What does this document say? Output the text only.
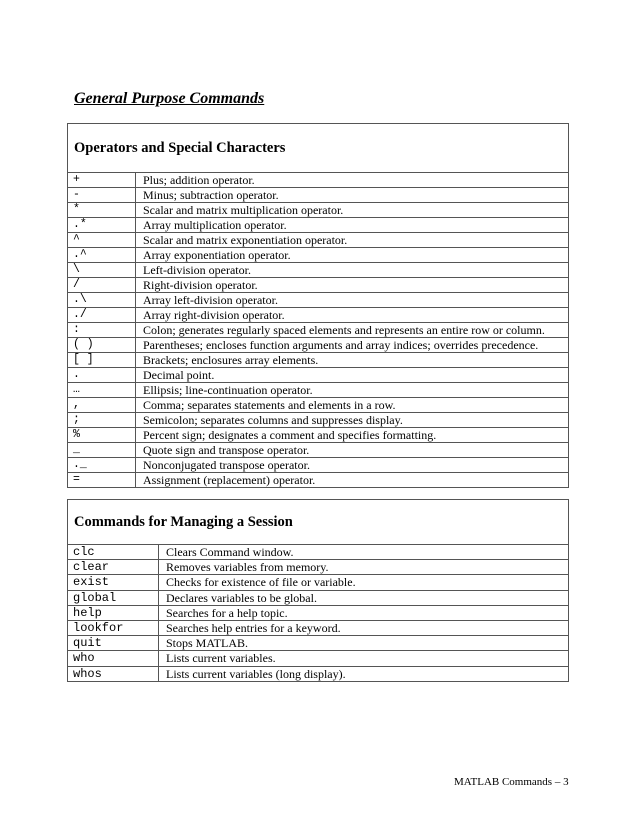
General Purpose Commands
Operators and Special Characters
+	Plus; addition operator.
-	Minus; subtraction operator.
*	Scalar and matrix multiplication operator.
.*	Array multiplication operator.
^	Scalar and matrix exponentiation operator.
.^	Array exponentiation operator.
\	Left-division operator.
/	Right-division operator.
.\	Array left-division operator.
./	Array right-division operator.
:	Colon; generates regularly spaced elements and represents an entire row or column.
( )	Parentheses; encloses function arguments and array indices; overrides precedence.
[ ]	Brackets; enclosures array elements.
.	Decimal point.
…	Ellipsis; line-continuation operator.
,	Comma; separates statements and elements in a row.
;	Semicolon; separates columns and suppresses display.
%	Percent sign; designates a comment and specifies formatting.
_	Quote sign and transpose operator.
._	Nonconjugated transpose operator.
=	Assignment (replacement) operator.
Commands for Managing a Session
clc	Clears Command window.
clear	Removes variables from memory.
exist	Checks for existence of file or variable.
global	Declares variables to be global.
help	Searches for a help topic.
lookfor	Searches help entries for a keyword.
quit	Stops MATLAB.
who	Lists current variables.
whos	Lists current variables (long display).
MATLAB Commands – 3
